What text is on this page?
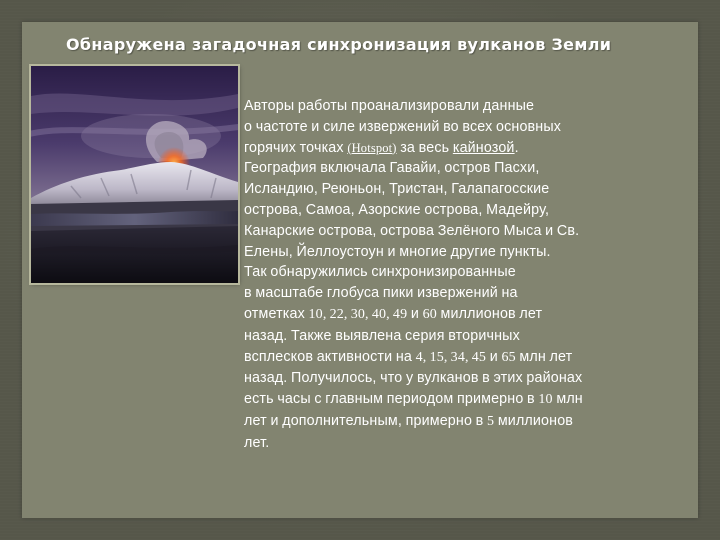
Обнаружена загадочная синхронизация вулканов Земли

Авторы работы проанализировали данные
о частоте и силе извержений во всех основных
горячих точках (Hotspot) за весь кайнозой.
География включала Гавайи, остров Пасхи,
Исландию, Реюньон, Тристан, Галапагосские
острова, Самоа, Азорские острова, Мадейру,
Канарские острова, острова Зелёного Мыса и Св.
Елены, Йеллоустоун и многие другие пункты.
Так обнаружились синхронизированные
в масштабе глобуса пики извержений на
отметках 10, 22, 30, 40, 49 и 60 миллионов лет
назад. Также выявлена серия вторичных
всплесков активности на 4, 15, 34, 45 и 65 млн лет
назад. Получилось, что у вулканов в этих районах
есть часы с главным периодом примерно в 10 млн
лет и дополнительным, примерно в 5 миллионов
лет.
